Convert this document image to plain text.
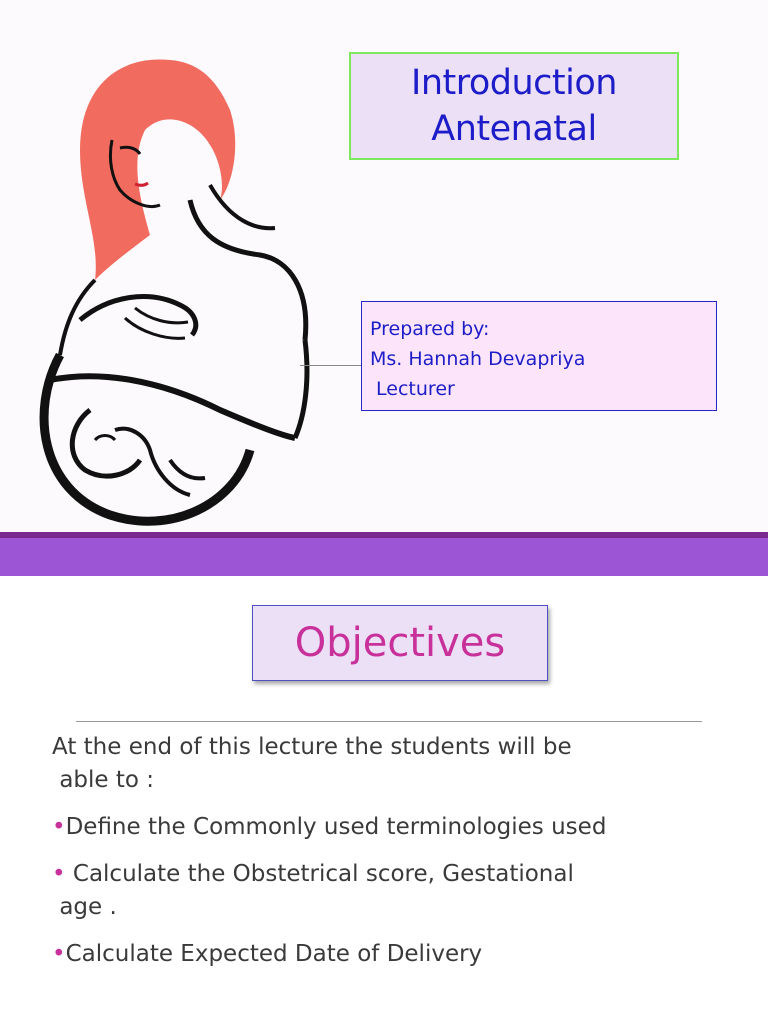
Introduction
Antenatal
Prepared by:
Ms. Hannah Devapriya
Lecturer
Objectives

At the end of this lecture the students will be
able to :

•Define the Commonly used terminologies used

• Calculate the Obstetrical score, Gestational
age .

•Calculate Expected Date of Delivery
